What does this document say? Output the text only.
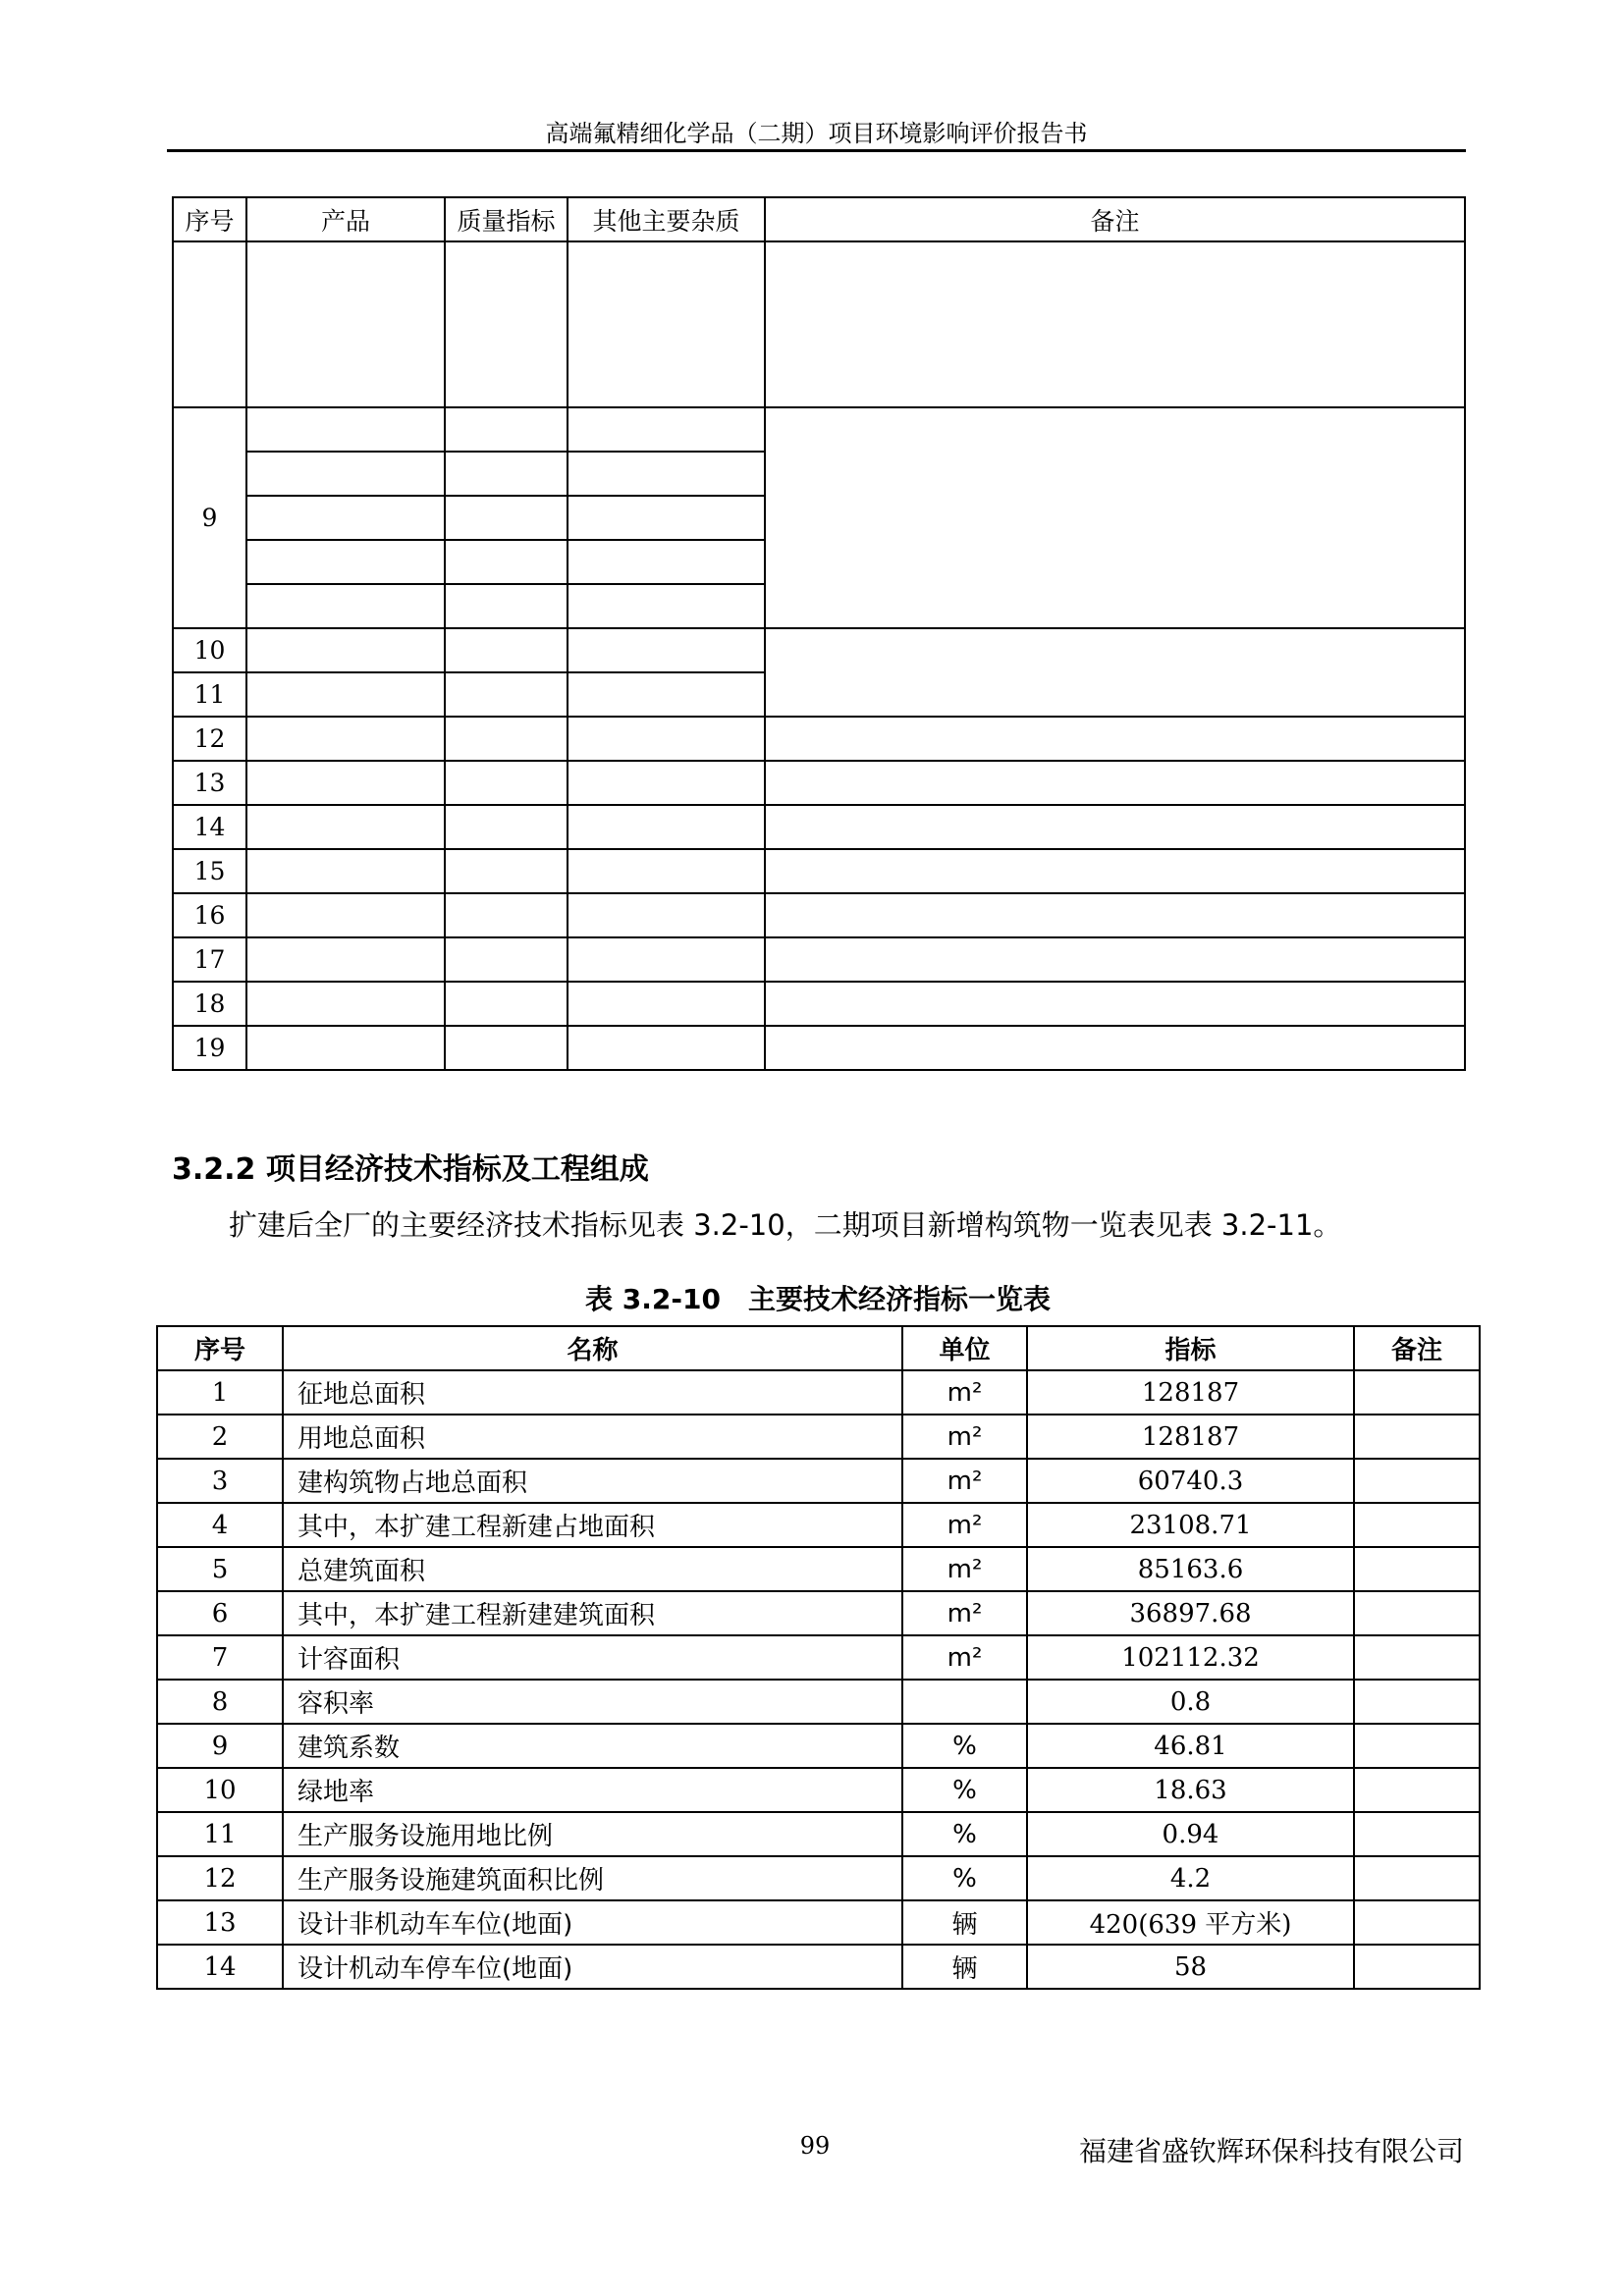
高端氟精细化学品（二期）项目环境影响评价报告书
序号	产品	质量指标	其他主要杂质	备注

9				

10				
11				
12				
13				
14				
15				
16				
17				
18				
19				
3.2.2 项目经济技术指标及工程组成
扩建后全厂的主要经济技术指标见表 3.2-10，二期项目新增构筑物一览表见表 3.2-11。
表 3.2-10　主要技术经济指标一览表
序号	名称	单位	指标	备注
1	征地总面积	m²	128187	
2	用地总面积	m²	128187	
3	建构筑物占地总面积	m²	60740.3	
4	其中，本扩建工程新建占地面积	m²	23108.71	
5	总建筑面积	m²	85163.6	
6	其中，本扩建工程新建建筑面积	m²	36897.68	
7	计容面积	m²	102112.32	
8	容积率		0.8	
9	建筑系数	%	46.81	
10	绿地率	%	18.63	
11	生产服务设施用地比例	%	0.94	
12	生产服务设施建筑面积比例	%	4.2	
13	设计非机动车车位(地面)	辆	420(639 平方米)	
14	设计机动车停车位(地面)	辆	58	
99	福建省盛钦辉环保科技有限公司
